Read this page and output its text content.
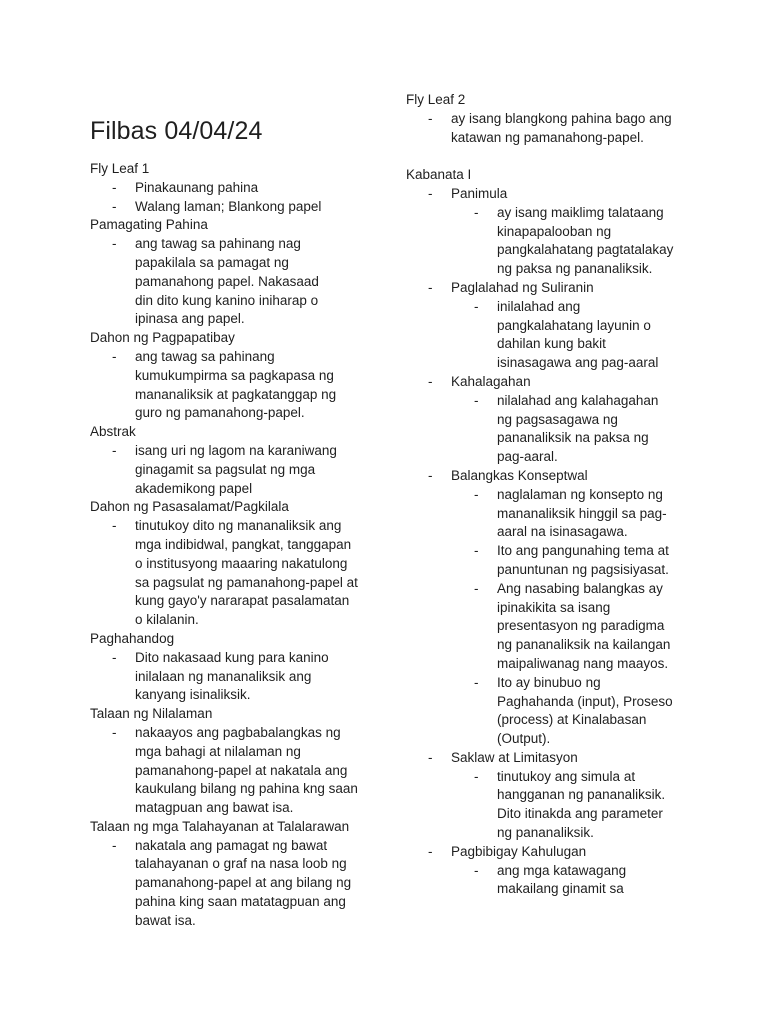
Filbas 04/04/24
Fly Leaf 1
- Pinakaunang pahina
- Walang laman; Blankong papel
Pamagating Pahina
- ang tawag sa pahinang nag papakilala sa pamagat ng pamanahong papel. Nakasaad din dito kung kanino iniharap o ipinasa ang papel.
Dahon ng Pagpapatibay
- ang tawag sa pahinang kumukumpirma sa pagkapasa ng mananaliksik at pagkatanggap ng guro ng pamanahong-papel.
Abstrak
- isang uri ng lagom na karaniwang ginagamit sa pagsulat ng mga akademikong papel
Dahon ng Pasasalamat/Pagkilala
- tinutukoy dito ng mananaliksik ang mga indibidwal, pangkat, tanggapan o institusyong maaaring nakatulong sa pagsulat ng pamanahong-papel at kung gayo'y nararapat pasalamatan o kilalanin.
Paghahandog
- Dito nakasaad kung para kanino inilalaan ng mananaliksik ang kanyang isinaliksik.
Talaan ng Nilalaman
- nakaayos ang pagbabalangkas ng mga bahagi at nilalaman ng pamanahong-papel at nakatala ang kaukulang bilang ng pahina kng saan matagpuan ang bawat isa.
Talaan ng mga Talahayanan at Talalarawan
- nakatala ang pamagat ng bawat talahayanan o graf na nasa loob ng pamanahong-papel at ang bilang ng pahina king saan matatagpuan ang bawat isa.
Fly Leaf 2
- ay isang blangkong pahina bago ang katawan ng pamanahong-papel.
Kabanata I
- Panimula
- ay isang maiklimg talataang kinapapalooban ng pangkalahatang pagtatalakay ng paksa ng pananaliksik.
- Paglalahad ng Suliranin
- inilalahad ang pangkalahatang layunin o dahilan kung bakit isinasagawa ang pag-aaral
- Kahalagahan
- nilalahad ang kalahagahan ng pagsasagawa ng pananaliksik na paksa ng pag-aaral.
- Balangkas Konseptwal
- naglalaman ng konsepto ng mananaliksik hinggil sa pag-aaral na isinasagawa.
- Ito ang pangunahing tema at panuntunan ng pagsisiyasat.
- Ang nasabing balangkas ay ipinakikita sa isang presentasyon ng paradigma ng pananaliksik na kailangan maipaliwanag nang maayos.
- Ito ay binubuo ng Paghahanda (input), Proseso (process) at Kinalabasan (Output).
- Saklaw at Limitasyon
- tinutukoy ang simula at hangganan ng pananaliksik. Dito itinakda ang parameter ng pananaliksik.
- Pagbibigay Kahulugan
- ang mga katawagang makailang ginamit sa
